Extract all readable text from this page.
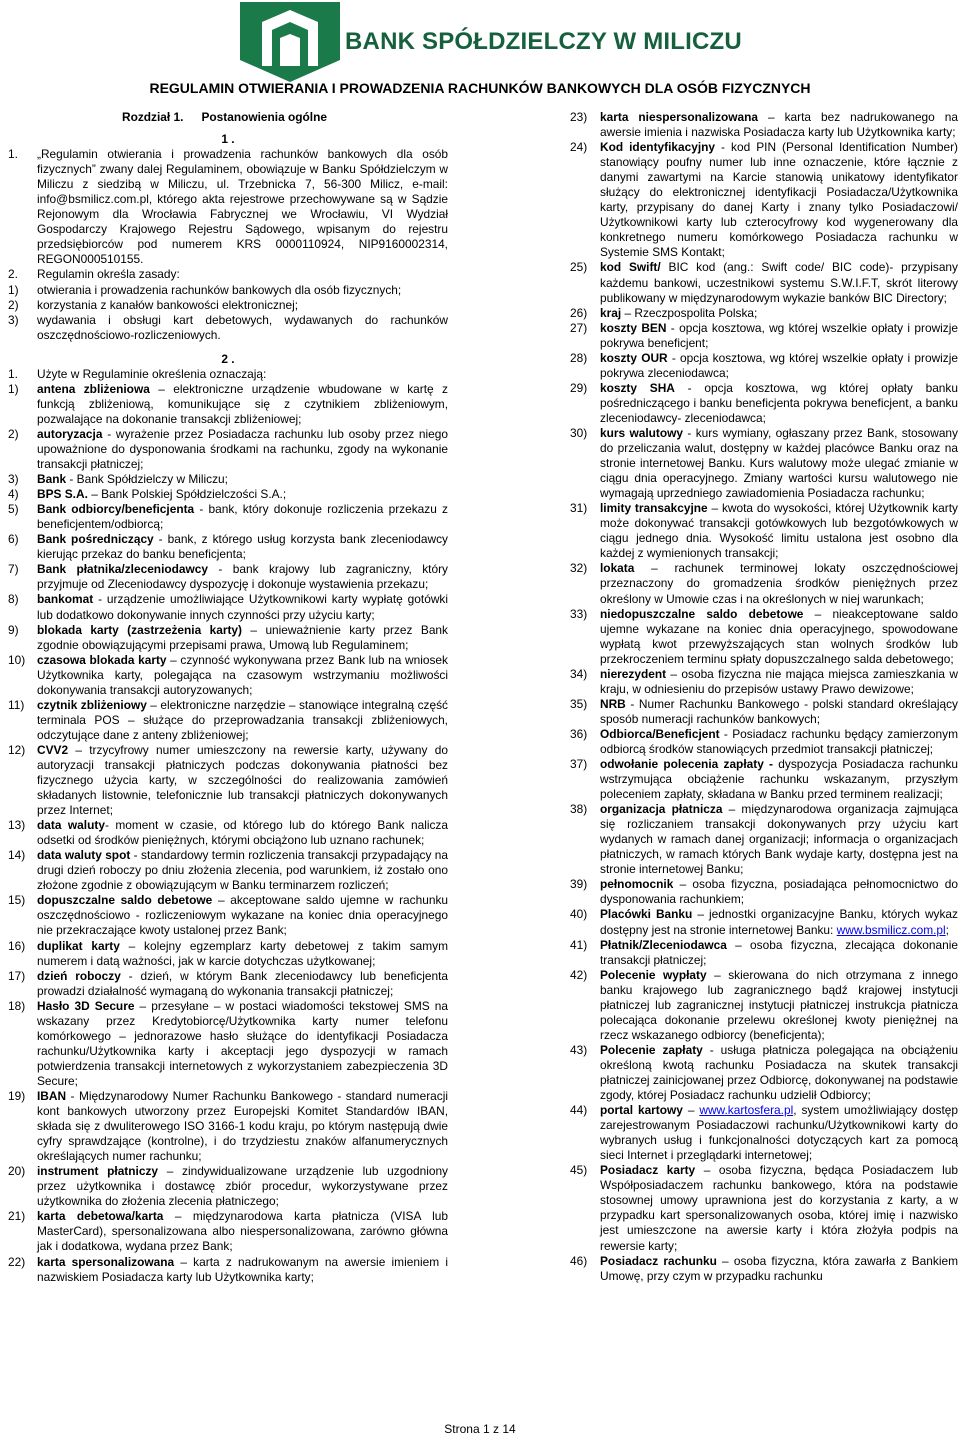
BANK SPÓŁDZIELCZY W MILICZU
REGULAMIN OTWIERANIA I PROWADZENIA RACHUNKÓW BANKOWYCH DLA OSÓB FIZYCZNYCH
Rozdział 1. Postanowienia ogólne
1 .
1.	„Regulamin otwierania i prowadzenia rachunków bankowych dla osób fizycznych” zwany dalej Regulaminem, obowiązuje w Banku Spółdzielczym w Miliczu z siedzibą w Miliczu, ul. Trzebnicka 7, 56-300 Milicz, e-mail: info@bsmilicz.com.pl, którego akta rejestrowe przechowywane są w Sądzie Rejonowym dla Wrocławia Fabrycznej we Wrocławiu, VI Wydział Gospodarczy Krajowego Rejestru Sądowego, wpisanym do rejestru przedsiębiorców pod numerem KRS 0000110924, NIP9160002314, REGON000510155.
2.	Regulamin określa zasady:
1)	otwierania i prowadzenia rachunków bankowych dla osób fizycznych;
2)	korzystania z kanałów bankowości elektronicznej;
3)	wydawania i obsługi kart debetowych, wydawanych do rachunków oszczędnościowo-rozliczeniowych.
2 .
1.	Użyte w Regulaminie określenia oznaczają:
1)	antena zbliżeniowa – elektroniczne urządzenie wbudowane w kartę z funkcją zbliżeniową, komunikujące się z czytnikiem zbliżeniowym, pozwalające na dokonanie transakcji zbliżeniowej;
2)	autoryzacja - wyrażenie przez Posiadacza rachunku lub osoby przez niego upoważnione do dysponowania środkami na rachunku, zgody na wykonanie transakcji płatniczej;
3)	Bank - Bank Spółdzielczy w Miliczu;
4)	BPS S.A. – Bank Polskiej Spółdzielczości S.A.;
5)	Bank odbiorcy/beneficjenta - bank, który dokonuje rozliczenia przekazu z beneficjentem/odbiorcą;
6)	Bank pośredniczący - bank, z którego usług korzysta bank zleceniodawcy kierując przekaz do banku beneficjenta;
7)	Bank płatnika/zleceniodawcy - bank krajowy lub zagraniczny, który przyjmuje od Zleceniodawcy dyspozycję i dokonuje wystawienia przekazu;
8)	bankomat - urządzenie umożliwiające Użytkownikowi karty wypłatę gotówki lub dodatkowo dokonywanie innych czynności przy użyciu karty;
9)	blokada karty (zastrzeżenia karty) – unieważnienie karty przez Bank zgodnie obowiązującymi przepisami prawa, Umową lub Regulaminem;
10) czasowa blokada karty – czynność wykonywana przez Bank lub na wniosek Użytkownika karty, polegająca na czasowym wstrzymaniu możliwości dokonywania transakcji autoryzowanych;
11)	czytnik zbliżeniowy – elektroniczne narzędzie – stanowiące integralną część terminala POS – służące do przeprowadzania transakcji zbliżeniowych, odczytujące dane z anteny zbliżeniowej;
12) CVV2 – trzycyfrowy numer umieszczony na rewersie karty, używany do autoryzacji transakcji płatniczych podczas dokonywania płatności bez fizycznego użycia karty, w szczególności do realizowania zamówień składanych listownie, telefonicznie lub transakcji płatniczych dokonywanych przez Internet;
13) data waluty- moment w czasie, od którego lub do którego Bank nalicza odsetki od środków pieniężnych, którymi obciążono lub uznano rachunek;
14) data waluty spot - standardowy termin rozliczenia transakcji przypadający na drugi dzień roboczy po dniu złożenia zlecenia, pod warunkiem, iż zostało ono złożone zgodnie z obowiązującym w Banku terminarzem rozliczeń;
15) dopuszczalne saldo debetowe – akceptowane saldo ujemne w rachunku oszczędnościowo - rozliczeniowym wykazane na koniec dnia operacyjnego nie przekraczające kwoty ustalonej przez Bank;
16) duplikat karty – kolejny egzemplarz karty debetowej z takim samym numerem i datą ważności, jak w karcie dotychczas użytkowanej;
17) dzień roboczy - dzień, w którym Bank zleceniodawcy lub beneficjenta prowadzi działalność wymaganą do wykonania transakcji płatniczej;
18) Hasło 3D Secure – przesyłane – w postaci wiadomości tekstowej SMS na wskazany przez Kredytobiorcę/Użytkownika karty numer telefonu komórkowego – jednorazowe hasło służące do identyfikacji Posiadacza rachunku/Użytkownika karty i akceptacji jego dyspozycji w ramach potwierdzenia transakcji internetowych z wykorzystaniem zabezpieczenia 3D Secure;
19) IBAN - Międzynarodowy Numer Rachunku Bankowego - standard numeracji kont bankowych utworzony przez Europejski Komitet Standardów IBAN, składa się z dwuliterowego ISO 3166-1 kodu kraju, po którym następują dwie cyfry sprawdzające (kontrolne), i do trzydziestu znaków alfanumerycznych określających numer rachunku;
20) instrument płatniczy – zindywidualizowane urządzenie lub uzgodniony przez użytkownika i dostawcę zbiór procedur, wykorzystywane przez użytkownika do złożenia zlecenia płatniczego;
21) karta debetowa/karta – międzynarodowa karta płatnicza (VISA lub MasterCard), spersonalizowana albo niespersonalizowana, zarówno główna jak i dodatkowa, wydana przez Bank;
22) karta spersonalizowana – karta z nadrukowanym na awersie imieniem i nazwiskiem Posiadacza karty lub Użytkownika karty;
23)	karta niespersonalizowana – karta bez nadrukowanego na awersie imienia i nazwiska Posiadacza karty lub Użytkownika karty;
24)	Kod identyfikacyjny - kod PIN (Personal Identification Number) stanowiący poufny numer lub inne oznaczenie, które łącznie z danymi zawartymi na Karcie stanowią unikatowy identyfikator służący do elektronicznej identyfikacji Posiadacza/Użytkownika karty, przypisany do danej Karty i znany tylko Posiadaczowi/ Użytkownikowi karty lub czterocyfrowy kod wygenerowany dla konkretnego numeru komórkowego Posiadacza rachunku w Systemie SMS Kontakt;
25)	kod Swift/ BIC kod (ang.: Swift code/ BIC code)- przypisany każdemu bankowi, uczestnikowi systemu S.W.I.F.T, skrót literowy publikowany w międzynarodowym wykazie banków BIC Directory;
26)	kraj – Rzeczpospolita Polska;
27)	koszty BEN - opcja kosztowa, wg której wszelkie opłaty i prowizje pokrywa beneficjent;
28)	koszty OUR - opcja kosztowa, wg której wszelkie opłaty i prowizje pokrywa zleceniodawca;
29)	koszty SHA - opcja kosztowa, wg której opłaty banku pośredniczącego i banku beneficjenta pokrywa beneficjent, a banku zleceniodawcy- zleceniodawca;
30)	kurs walutowy - kurs wymiany, ogłaszany przez Bank, stosowany do przeliczania walut, dostępny w każdej placówce Banku oraz na stronie internetowej Banku. Kurs walutowy może ulegać zmianie w ciągu dnia operacyjnego. Zmiany wartości kursu walutowego nie wymagają uprzedniego zawiadomienia Posiadacza rachunku;
31)	limity transakcyjne – kwota do wysokości, której Użytkownik karty może dokonywać transakcji gotówkowych lub bezgotówkowych w ciągu jednego dnia. Wysokość limitu ustalona jest osobno dla każdej z wymienionych transakcji;
32)	lokata – rachunek terminowej lokaty oszczędnościowej przeznaczony do gromadzenia środków pieniężnych przez określony w Umowie czas i na określonych w niej warunkach;
33)	niedopuszczalne saldo debetowe – nieakceptowane saldo ujemne wykazane na koniec dnia operacyjnego, spowodowane wypłatą kwot przewyższających stan wolnych środków lub przekroczeniem terminu spłaty dopuszczalnego salda debetowego;
34)	nierezydent – osoba fizyczna nie mająca miejsca zamieszkania w kraju, w odniesieniu do przepisów ustawy Prawo dewizowe;
35)	NRB - Numer Rachunku Bankowego - polski standard określający sposób numeracji rachunków bankowych;
36)	Odbiorca/Beneficjent - Posiadacz rachunku będący zamierzonym odbiorcą środków stanowiących przedmiot transakcji płatniczej;
37)	odwołanie polecenia zapłaty - dyspozycja Posiadacza rachunku wstrzymująca obciążenie rachunku wskazanym, przyszłym poleceniem zapłaty, składana w Banku przed terminem realizacji;
38)	organizacja płatnicza – międzynarodowa organizacja zajmująca się rozliczaniem transakcji dokonywanych przy użyciu kart wydanych w ramach danej organizacji; informacja o organizacjach płatniczych, w ramach których Bank wydaje karty, dostępna jest na stronie internetowej Banku;
39)	pełnomocnik – osoba fizyczna, posiadająca pełnomocnictwo do dysponowania rachunkiem;
40)	Placówki Banku – jednostki organizacyjne Banku, których wykaz dostępny jest na stronie internetowej Banku: www.bsmilicz.com.pl;
41)	Płatnik/Zleceniodawca – osoba fizyczna, zlecająca dokonanie transakcji płatniczej;
42)	Polecenie wypłaty – skierowana do nich otrzymana z innego banku krajowego lub zagranicznego bądź krajowej instytucji płatniczej lub zagranicznej instytucji płatniczej instrukcja płatnicza polecająca dokonanie przelewu określonej kwoty pieniężnej na rzecz wskazanego odbiorcy (beneficjenta);
43)	Polecenie zapłaty - usługa płatnicza polegająca na obciążeniu określoną kwotą rachunku Posiadacza na skutek transakcji płatniczej zainicjowanej przez Odbiorcę, dokonywanej na podstawie zgody, której Posiadacz rachunku udzielił Odbiorcy;
44)	portal kartowy – www.kartosfera.pl, system umożliwiający dostęp zarejestrowanym Posiadaczowi rachunku/Użytkownikowi karty do wybranych usług i funkcjonalności dotyczących kart za pomocą sieci Internet i przeglądarki internetowej;
45)	Posiadacz karty – osoba fizyczna, będąca Posiadaczem lub Współposiadaczem rachunku bankowego, która na podstawie stosownej umowy uprawniona jest do korzystania z karty, a w przypadku kart spersonalizowanych osoba, której imię i nazwisko jest umieszczone na awersie karty i która złożyła podpis na rewersie karty;
46)	Posiadacz rachunku – osoba fizyczna, która zawarła z Bankiem Umowę, przy czym w przypadku rachunku
Strona 1 z 14
